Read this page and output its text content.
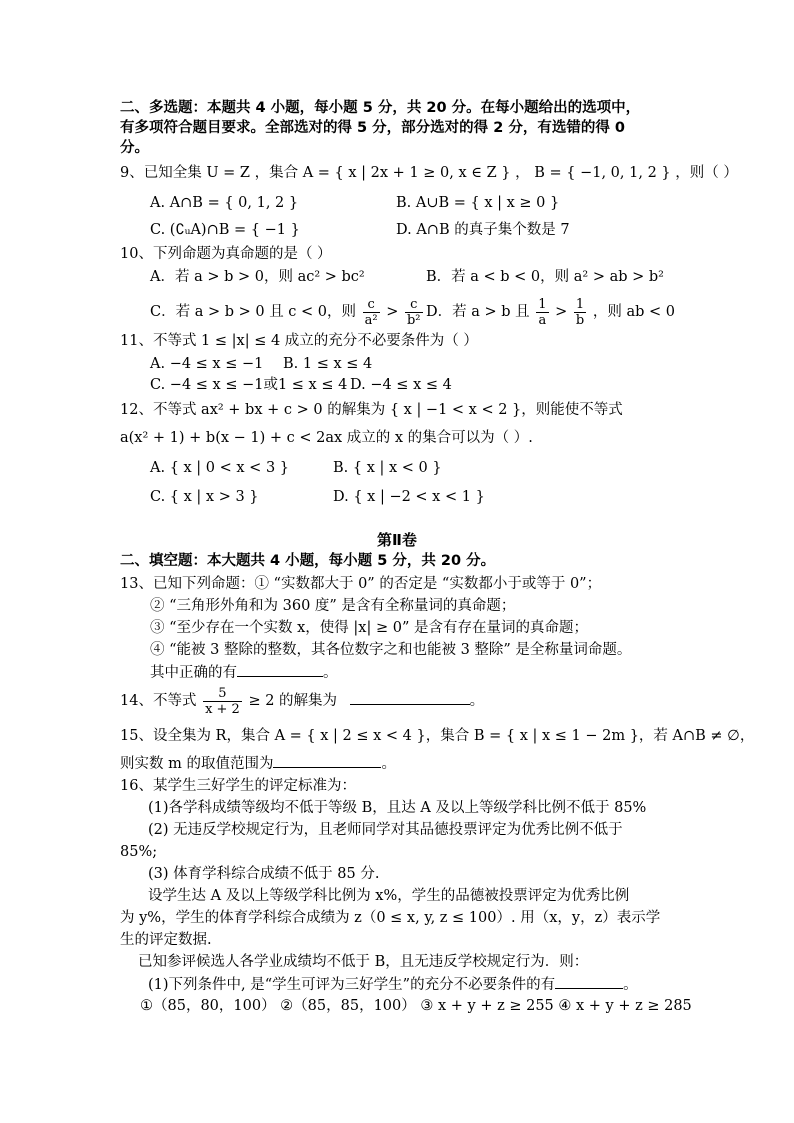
二、多选题：本题共 4 小题，每小题 5 分，共 20 分。在每小题给出的选项中，
有多项符合题目要求。全部选对的得 5 分，部分选对的得 2 分，有选错的得 0
分。
9、已知全集 U = Z ，集合 A = { x | 2x + 1 ≥ 0, x ∈ Z } ， B = { −1, 0, 1, 2 } ，则（ ）
A. A∩B = { 0, 1, 2 }	B. A∪B = { x | x ≥ 0 }
C. (∁ᵤA)∩B = { −1 }	D. A∩B 的真子集个数是 7
10、下列命题为真命题的是（ ）
A．若 a > b > 0，则 ac² > bc²	B．若 a < b < 0，则 a² > ab > b²
C．若 a > b > 0 且 c < 0，则 $\frac{c}{\text{a²}} > \frac{c}{\text{b²}}$ D．若 a > b 且 $\frac{1}{a} > \frac{1}{b}$ ，则 ab < 0
11、不等式 1 ≤ |x| ≤ 4 成立的充分不必要条件为（ ）
A. −4 ≤ x ≤ −1 B. 1 ≤ x ≤ 4
C. −4 ≤ x ≤ −1或1 ≤ x ≤ 4 D. −4 ≤ x ≤ 4
12、不等式 ax² + bx + c > 0 的解集为 { x | −1 < x < 2 }，则能使不等式
a(x² + 1) + b(x − 1) + c < 2ax 成立的 x 的集合可以为（ ）.
A. { x | 0 < x < 3 }	B. { x | x < 0 }
C. { x | x > 3 }	D. { x | −2 < x < 1 }
第Ⅱ卷
二、填空题：本大题共 4 小题，每小题 5 分，共 20 分。
13、已知下列命题：① “实数都大于 0” 的否定是 “实数都小于或等于 0”；
② “三角形外角和为 360 度” 是含有全称量词的真命题；
③ “至少存在一个实数 x，使得 |x| ≥ 0” 是含有存在量词的真命题；
④ “能被 3 整除的整数，其各位数字之和也能被 3 整除” 是全称量词命题。
其中正确的有	。
14、不等式 $\frac{5}{x + 2} \ge 2$ 的解集为	。
15、设全集为 R，集合 A = { x | 2 ≤ x < 4 }，集合 B = { x | x ≤ 1 − 2m }，若 A∩B ≠ ∅，
则实数 m 的取值范围为	。
16、某学生三好学生的评定标准为：
(1)各学科成绩等级均不低于等级 B，且达 A 及以上等级学科比例不低于 85%
(2) 无违反学校规定行为，且老师同学对其品德投票评定为优秀比例不低于
85%;
(3) 体育学科综合成绩不低于 85 分.
设学生达 A 及以上等级学科比例为 x%，学生的品德被投票评定为优秀比例
为 y%，学生的体育学科综合成绩为 z（0 ≤ x, y, z ≤ 100）. 用（x，y，z）表示学
生的评定数据.
已知参评候选人各学业成绩均不低于 B，且无违反学校规定行为．则：
(1)下列条件中, 是“学生可评为三好学生”的充分不必要条件的有	。
①（85，80，100） ②（85，85，100） ③ x + y + z ≥ 255 ④ x + y + z ≥ 285
